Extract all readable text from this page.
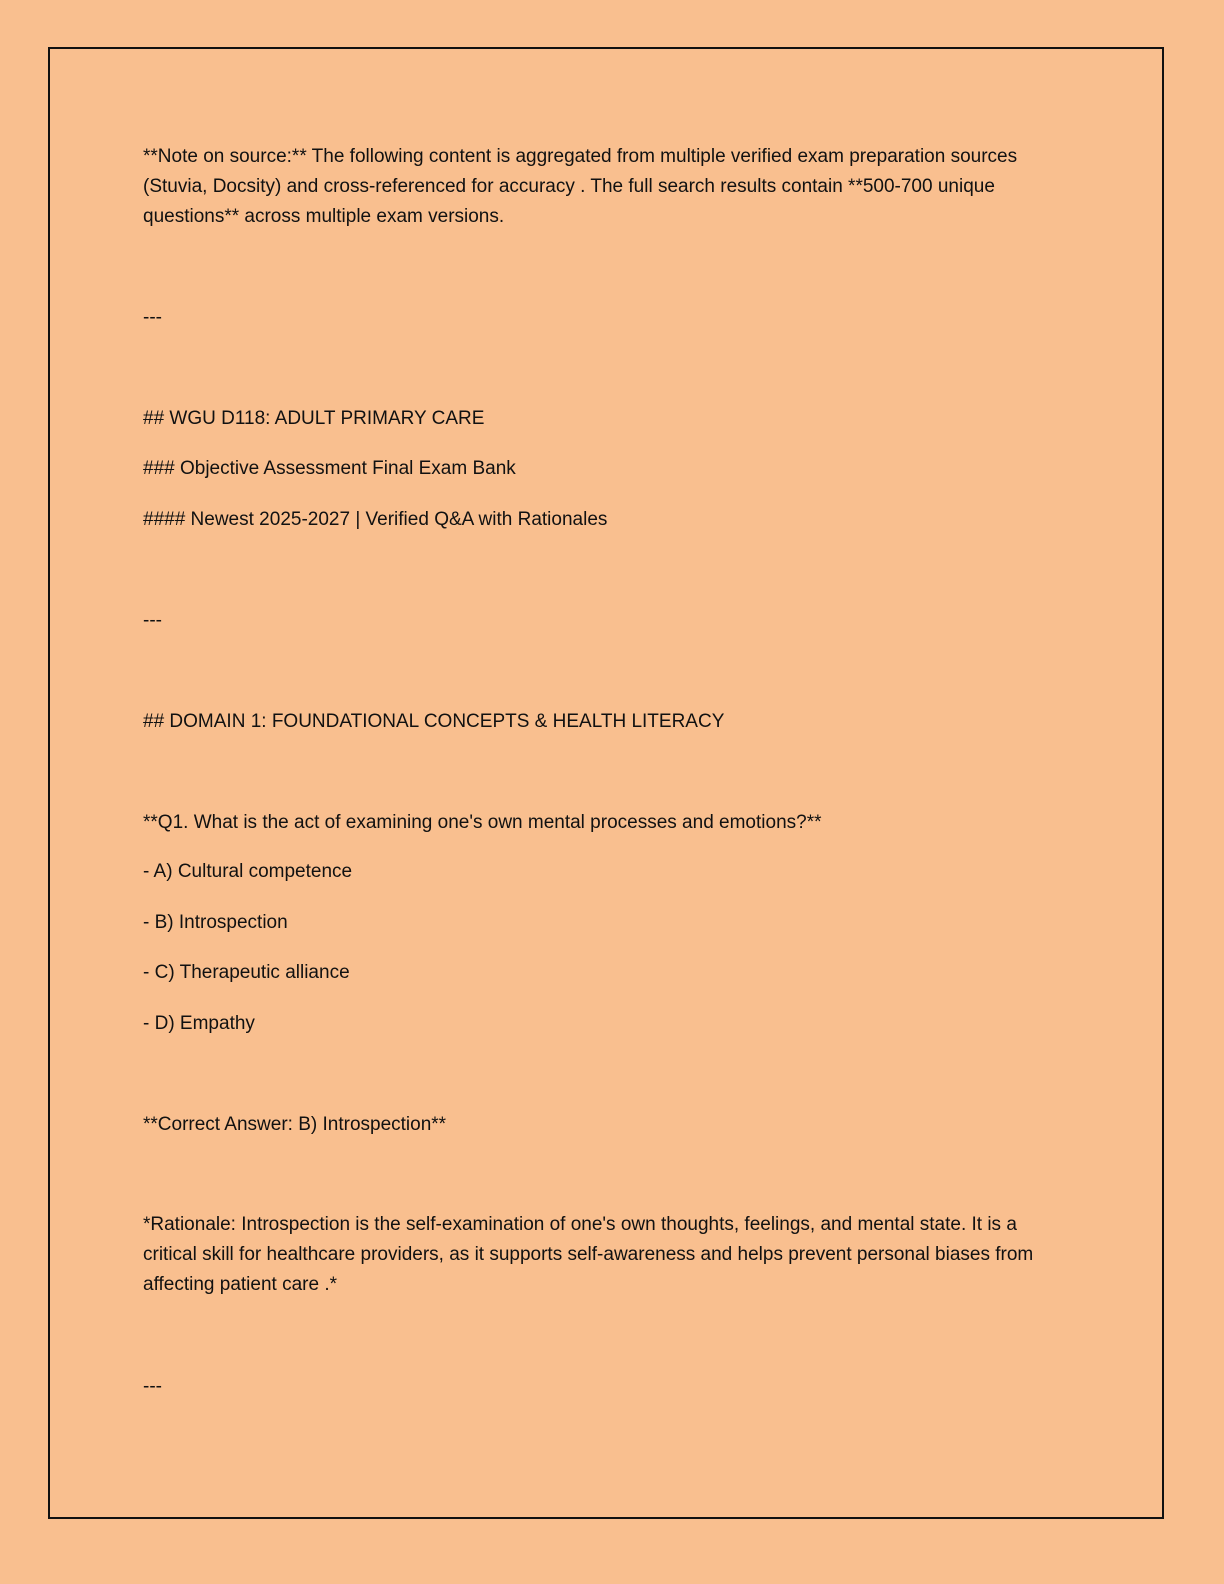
**Note on source:** The following content is aggregated from multiple verified exam preparation sources (Stuvia, Docsity) and cross-referenced for accuracy . The full search results contain **500-700 unique questions** across multiple exam versions.

---

## WGU D118: ADULT PRIMARY CARE

### Objective Assessment Final Exam Bank

#### Newest 2025-2027 | Verified Q&A with Rationales

---

## DOMAIN 1: FOUNDATIONAL CONCEPTS & HEALTH LITERACY

**Q1. What is the act of examining one's own mental processes and emotions?**

- A) Cultural competence

- B) Introspection

- C) Therapeutic alliance

- D) Empathy

**Correct Answer: B) Introspection**

*Rationale: Introspection is the self-examination of one's own thoughts, feelings, and mental state. It is a critical skill for healthcare providers, as it supports self-awareness and helps prevent personal biases from affecting patient care .*

---
